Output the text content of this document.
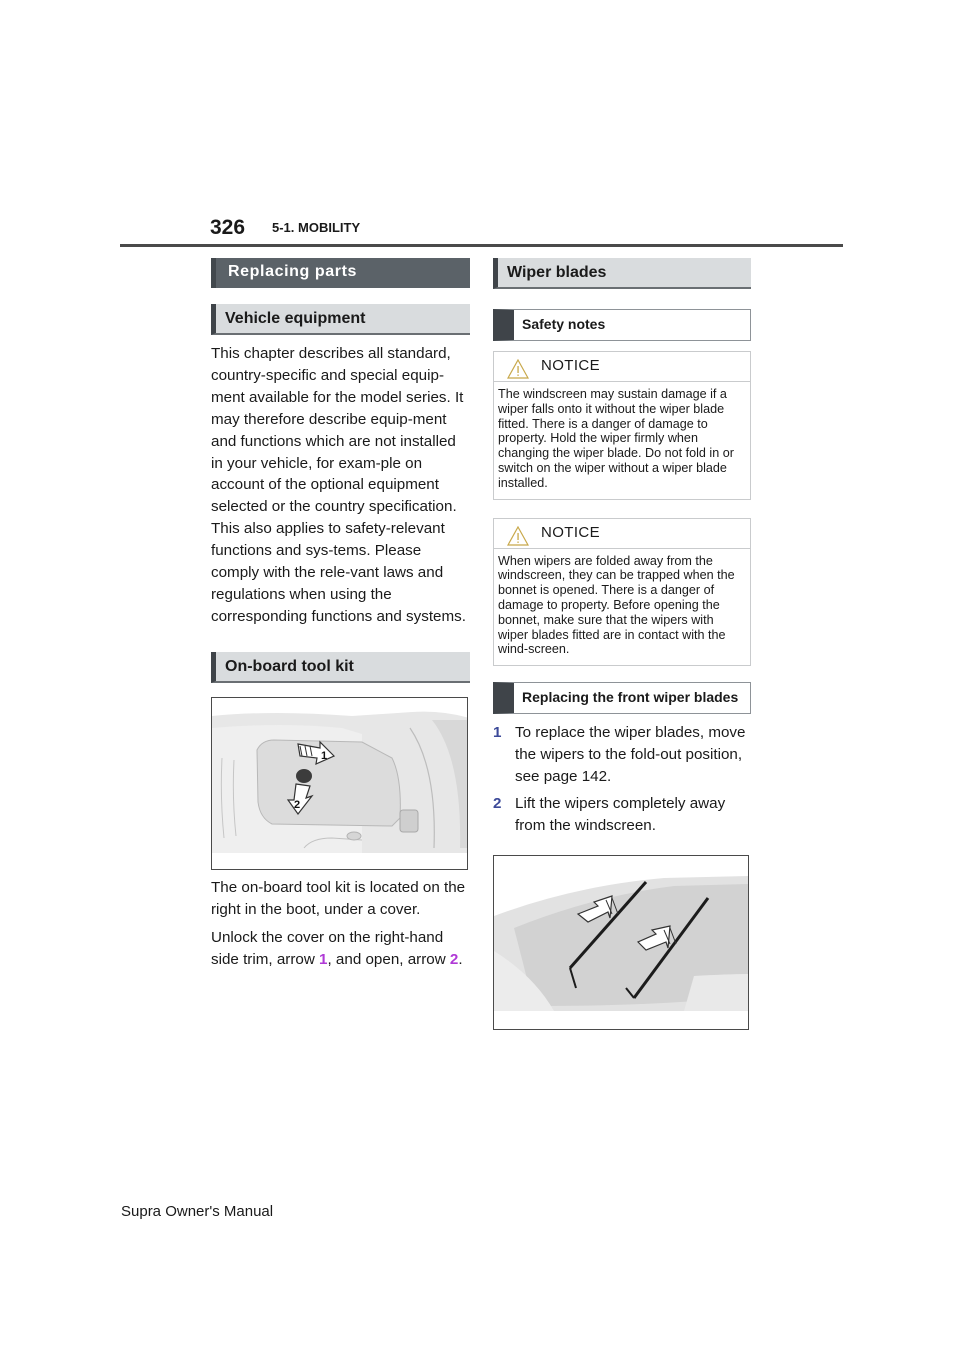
326 5-1. MOBILITY
Replacing parts
Vehicle equipment

This chapter describes all standard, country-specific and special equip-ment available for the model series. It may therefore describe equip-ment and functions which are not installed in your vehicle, for exam-ple on account of the optional equipment selected or the country specification. This also applies to safety-relevant functions and sys-tems. Please comply with the rele-vant laws and regulations when using the corresponding functions and systems.

On-board tool kit
1
2

The on-board tool kit is located on the right in the boot, under a cover.

Unlock the cover on the right-hand side trim, arrow 1, and open, arrow 2.

Wiper blades
Safety notes
NOTICE
The windscreen may sustain damage if a wiper falls onto it without the wiper blade fitted. There is a danger of damage to property. Hold the wiper firmly when changing the wiper blade. Do not fold in or switch on the wiper without a wiper blade installed.
NOTICE
When wipers are folded away from the windscreen, they can be trapped when the bonnet is opened. There is a danger of damage to property. Before opening the bonnet, make sure that the wipers with wiper blades fitted are in contact with the wind-screen.
Replacing the front wiper blades
1 To replace the wiper blades, move the wipers to the fold-out position, see page 142.
2 Lift the wipers completely away from the windscreen.
Supra Owner's Manual
